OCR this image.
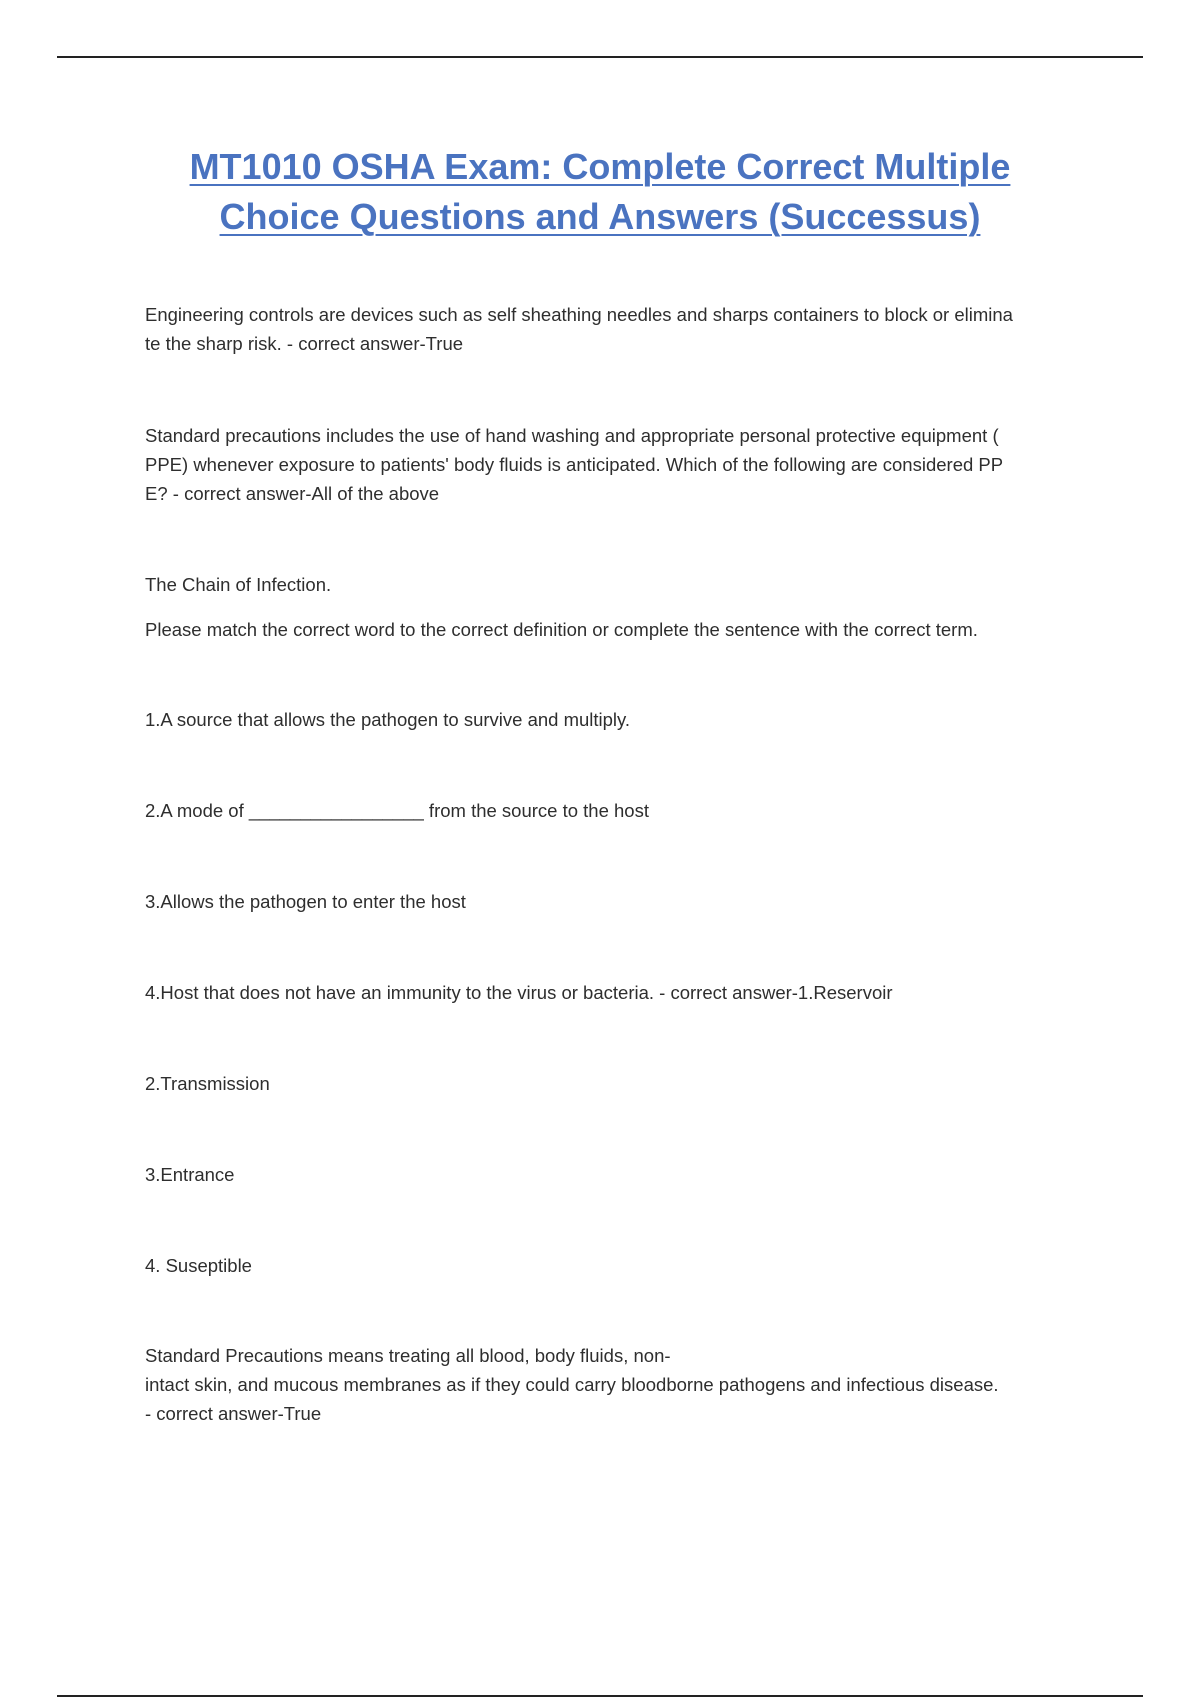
MT1010 OSHA Exam: Complete Correct Multiple
Choice Questions and Answers (Successus)
Engineering controls are devices such as self sheathing needles and sharps containers to block or elimina
te the sharp risk. - correct answer-True
Standard precautions includes the use of hand washing and appropriate personal protective equipment (
PPE) whenever exposure to patients' body fluids is anticipated. Which of the following are considered PP
E? - correct answer-All of the above
The Chain of Infection.
Please match the correct word to the correct definition or complete the sentence with the correct term.
1.A source that allows the pathogen to survive and multiply.
2.A mode of _________________ from the source to the host
3.Allows the pathogen to enter the host
4.Host that does not have an immunity to the virus or bacteria. - correct answer-1.Reservoir
2.Transmission
3.Entrance
4. Suseptible
Standard Precautions means treating all blood, body fluids, non-
intact skin, and mucous membranes as if they could carry bloodborne pathogens and infectious disease.
- correct answer-True
